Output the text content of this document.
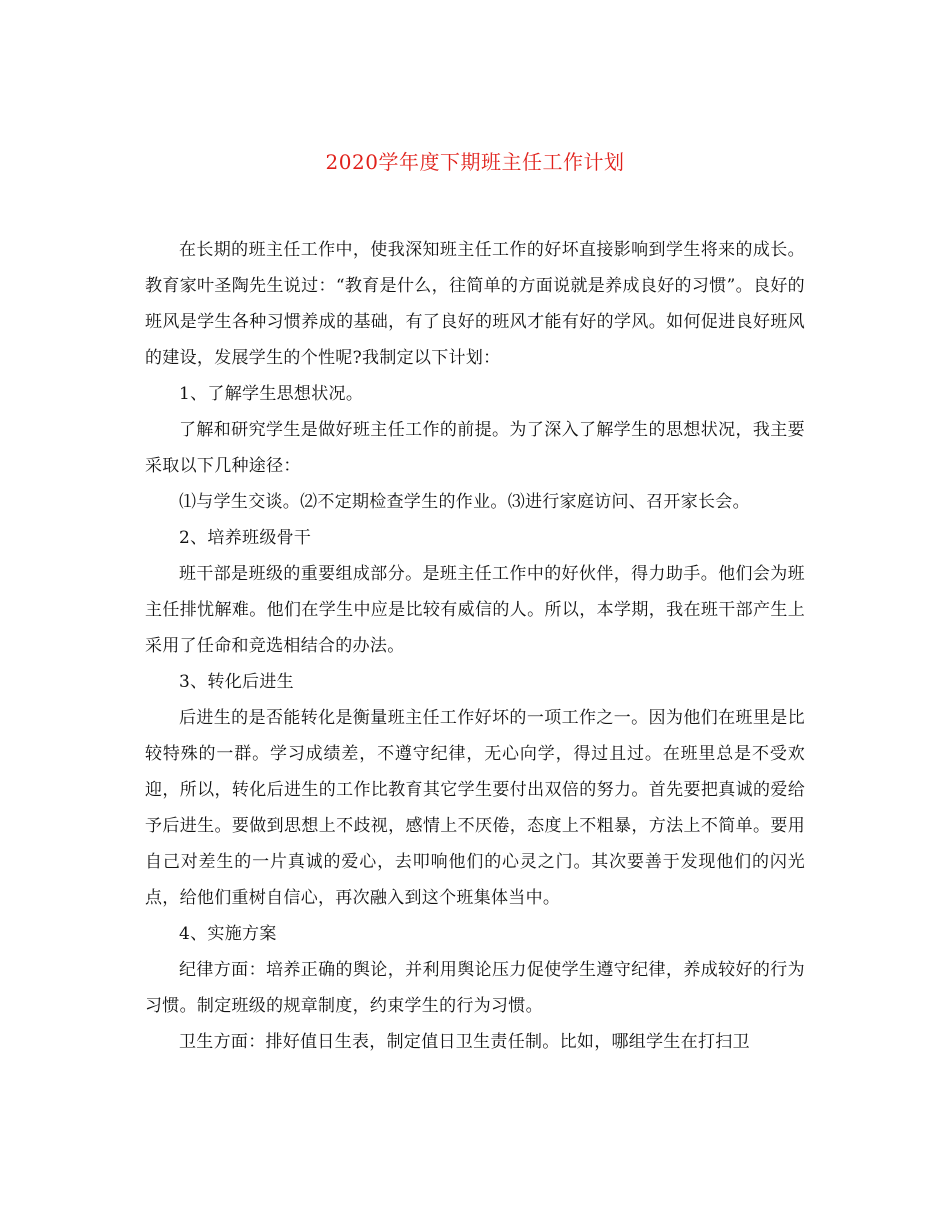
2020学年度下期班主任工作计划

在长期的班主任工作中，使我深知班主任工作的好坏直接影响到学生将来的成长。教育家叶圣陶先生说过：“教育是什么，往简单的方面说就是养成良好的习惯”。良好的班风是学生各种习惯养成的基础，有了良好的班风才能有好的学风。如何促进良好班风的建设，发展学生的个性呢?我制定以下计划：

1、了解学生思想状况。

了解和研究学生是做好班主任工作的前提。为了深入了解学生的思想状况，我主要采取以下几种途径：

⑴与学生交谈。⑵不定期检查学生的作业。⑶进行家庭访问、召开家长会。

2、培养班级骨干

班干部是班级的重要组成部分。是班主任工作中的好伙伴，得力助手。他们会为班主任排忧解难。他们在学生中应是比较有威信的人。所以，本学期，我在班干部产生上采用了任命和竞选相结合的办法。

3、转化后进生

后进生的是否能转化是衡量班主任工作好坏的一项工作之一。因为他们在班里是比较特殊的一群。学习成绩差，不遵守纪律，无心向学，得过且过。在班里总是不受欢迎，所以，转化后进生的工作比教育其它学生要付出双倍的努力。首先要把真诚的爱给予后进生。要做到思想上不歧视，感情上不厌倦，态度上不粗暴，方法上不简单。要用自己对差生的一片真诚的爱心，去叩响他们的心灵之门。其次要善于发现他们的闪光点，给他们重树自信心，再次融入到这个班集体当中。

4、实施方案

纪律方面：培养正确的舆论，并利用舆论压力促使学生遵守纪律，养成较好的行为习惯。制定班级的规章制度，约束学生的行为习惯。

卫生方面：排好值日生表，制定值日卫生责任制。比如，哪组学生在打扫卫
